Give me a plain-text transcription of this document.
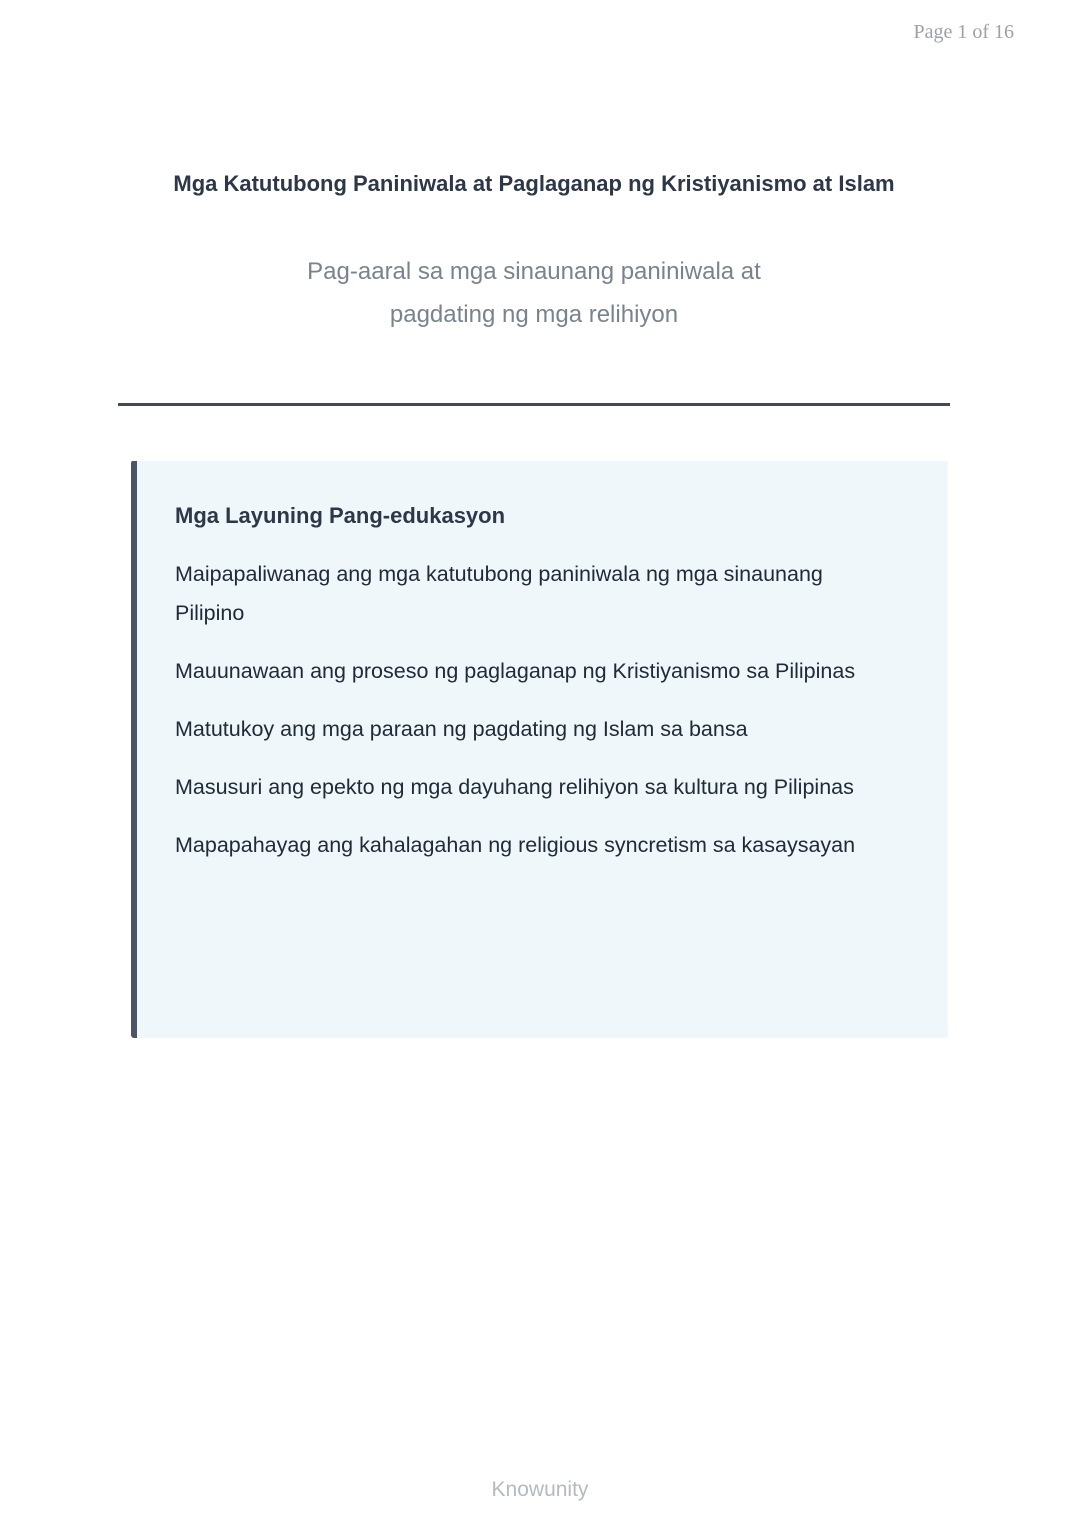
Page 1 of 16
Mga Katutubong Paniniwala at Paglaganap ng Kristiyanismo at Islam
Pag-aaral sa mga sinaunang paniniwala at
pagdating ng mga relihiyon
Mga Layuning Pang-edukasyon

Maipapaliwanag ang mga katutubong paniniwala ng mga sinaunang Pilipino

Mauunawaan ang proseso ng paglaganap ng Kristiyanismo sa Pilipinas

Matutukoy ang mga paraan ng pagdating ng Islam sa bansa

Masusuri ang epekto ng mga dayuhang relihiyon sa kultura ng Pilipinas

Mapapahayag ang kahalagahan ng religious syncretism sa kasaysayan

Knowunity
